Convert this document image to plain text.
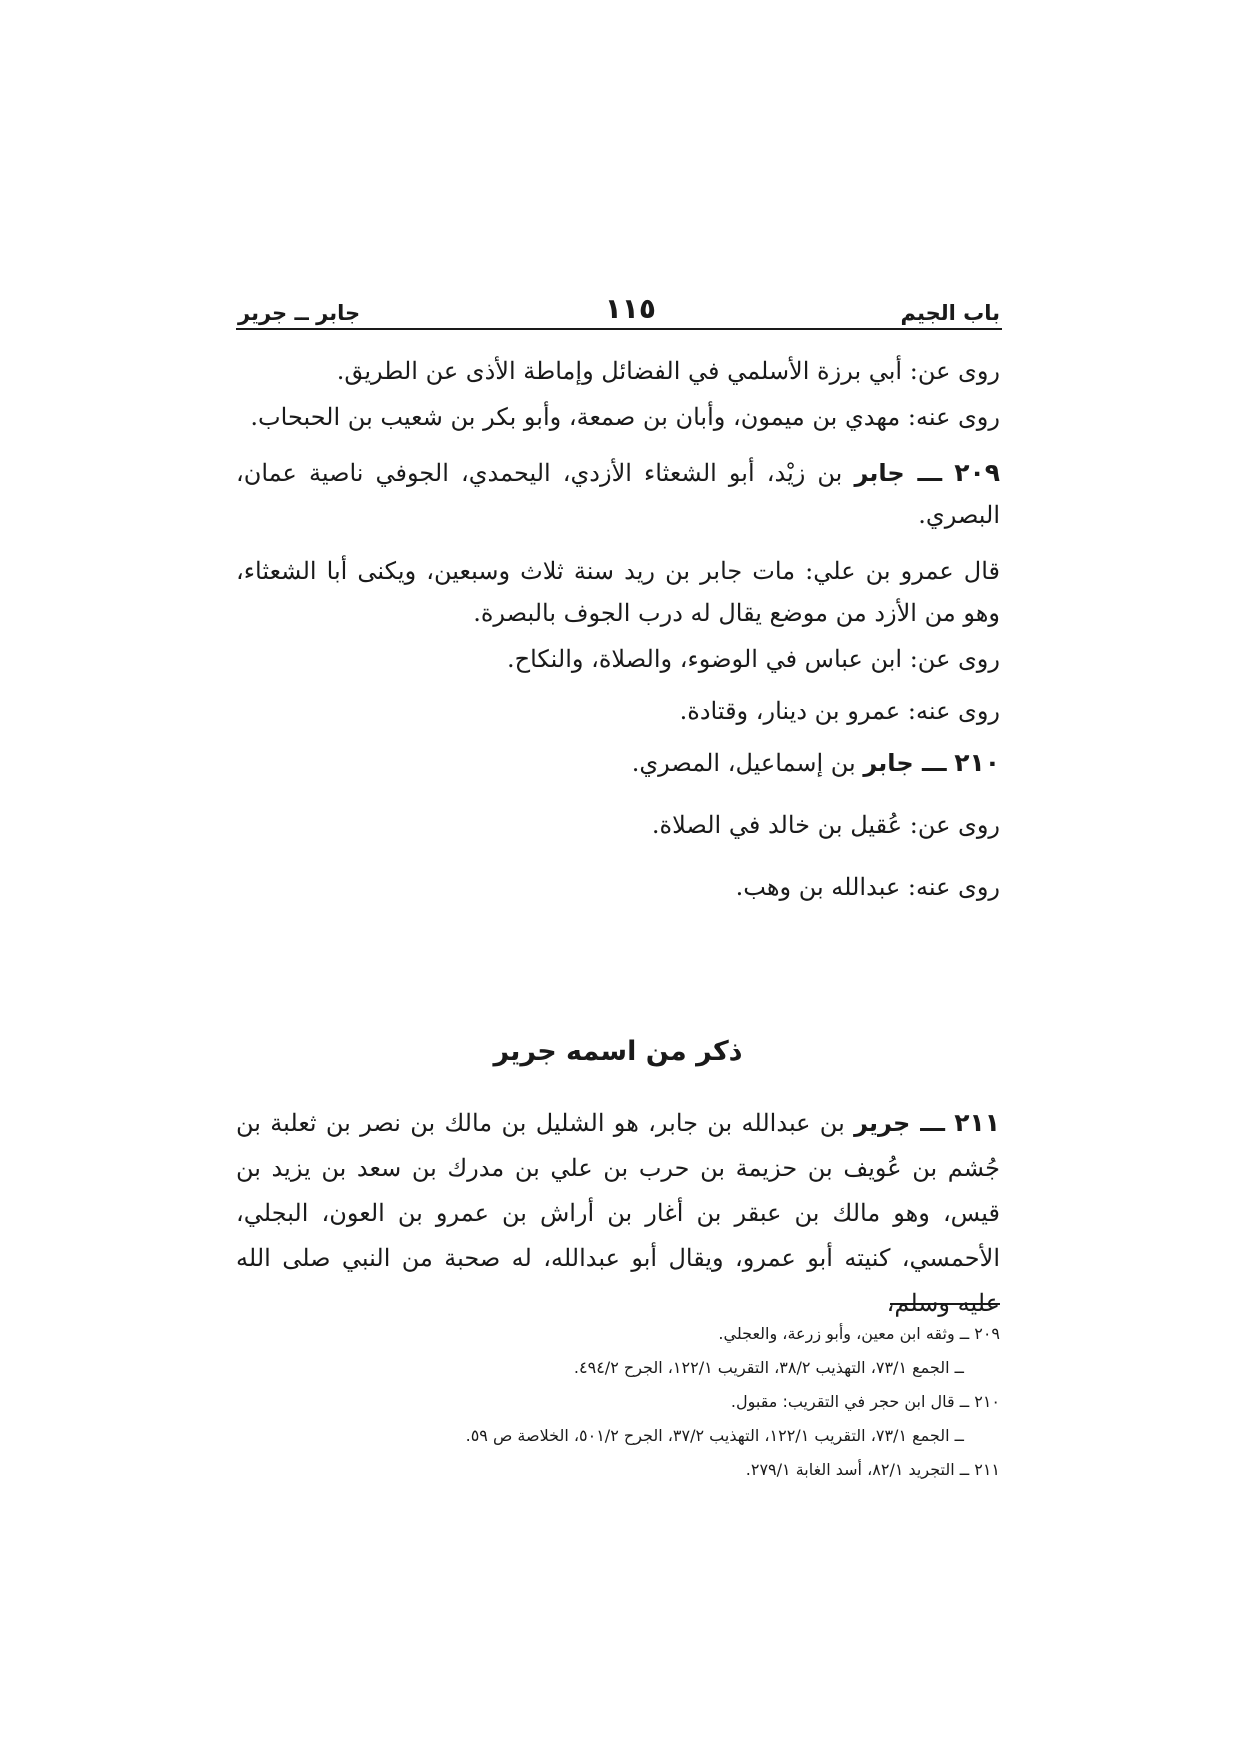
باب الجيم
١١٥
جابر ــ جرير

روى عن: أبي برزة الأسلمي في الفضائل وإماطة الأذى عن الطريق.

روى عنه: مهدي بن ميمون، وأبان بن صمعة، وأبو بكر بن شعيب بن الحبحاب.

٢٠٩ ـــ جابر بن زيْد، أبو الشعثاء الأزدي، اليحمدي، الجوفي ناصية عمان، البصري.

قال عمرو بن علي: مات جابر بن ريد سنة ثلاث وسبعين، ويكنى أبا الشعثاء، وهو من الأزد من موضع يقال له درب الجوف بالبصرة.

روى عن: ابن عباس في الوضوء، والصلاة، والنكاح.

روى عنه: عمرو بن دينار، وقتادة.

٢١٠ ـــ جابر بن إسماعيل، المصري.

روى عن: عُقيل بن خالد في الصلاة.

روى عنه: عبدالله بن وهب.

ذكر من اسمه جرير

٢١١ ـــ جرير بن عبدالله بن جابر، هو الشليل بن مالك بن نصر بن ثعلبة بن جُشم بن عُويف بن حزيمة بن حرب بن علي بن مدرك بن سعد بن يزيد بن قيس، وهو مالك بن عبقر بن أغار بن أراش بن عمرو بن العون، البجلي، الأحمسي، كنيته أبو عمرو، ويقال أبو عبدالله، له صحبة من النبي صلى الله عليه وسلم،

٢٠٩ ــ وثقه ابن معين، وأبو زرعة، والعجلي.

ــ الجمع ٧٣/١، التهذيب ٣٨/٢، التقريب ١٢٢/١، الجرح ٤٩٤/٢.

٢١٠ ــ قال ابن حجر في التقريب: مقبول.

ــ الجمع ٧٣/١، التقريب ١٢٢/١، التهذيب ٣٧/٢، الجرح ٥٠١/٢، الخلاصة ص ٥٩.

٢١١ ــ التجريد ٨٢/١، أسد الغابة ٢٧٩/١.
